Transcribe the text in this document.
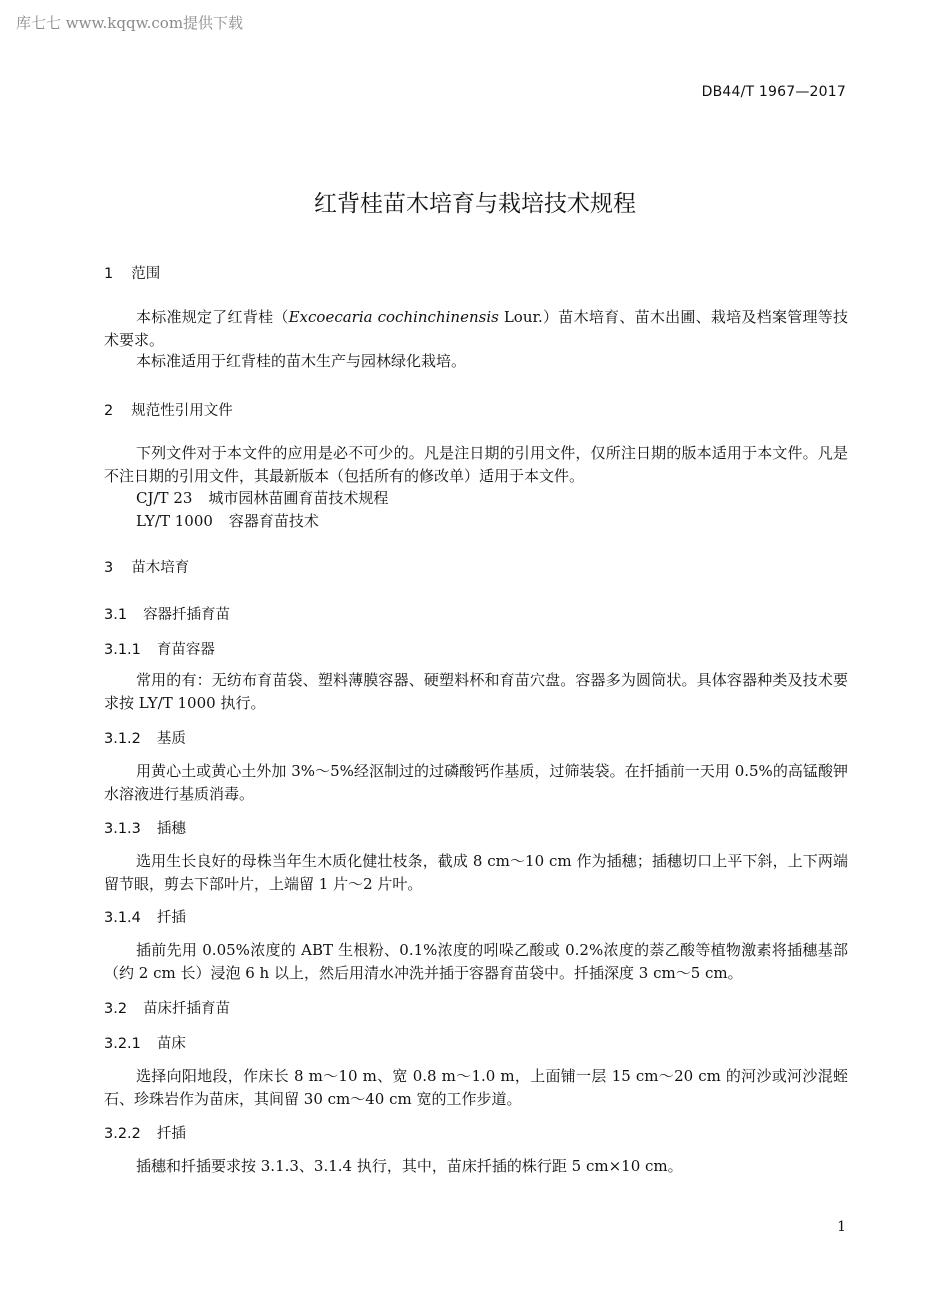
库七七 www.kqqw.com提供下载
DB44/T 1967—2017
红背桂苗木培育与栽培技术规程
1 范围
本标准规定了红背桂（Excoecaria cochinchinensis Lour.）苗木培育、苗木出圃、栽培及档案管理等技术要求。
本标准适用于红背桂的苗木生产与园林绿化栽培。
2 规范性引用文件
下列文件对于本文件的应用是必不可少的。凡是注日期的引用文件，仅所注日期的版本适用于本文件。凡是不注日期的引用文件，其最新版本（包括所有的修改单）适用于本文件。
CJ/T 23 城市园林苗圃育苗技术规程
LY/T 1000 容器育苗技术
3 苗木培育
3.1 容器扦插育苗
3.1.1 育苗容器
常用的有：无纺布育苗袋、塑料薄膜容器、硬塑料杯和育苗穴盘。容器多为圆筒状。具体容器种类及技术要求按 LY/T 1000 执行。
3.1.2 基质
用黄心土或黄心土外加 3%～5%经沤制过的过磷酸钙作基质，过筛装袋。在扦插前一天用 0.5%的高锰酸钾水溶液进行基质消毒。
3.1.3 插穗
选用生长良好的母株当年生木质化健壮枝条，截成 8 cm～10 cm 作为插穗；插穗切口上平下斜，上下两端留节眼，剪去下部叶片，上端留 1 片～2 片叶。
3.1.4 扦插
插前先用 0.05%浓度的 ABT 生根粉、0.1%浓度的吲哚乙酸或 0.2%浓度的萘乙酸等植物激素将插穗基部（约 2 cm 长）浸泡 6 h 以上，然后用清水冲洗并插于容器育苗袋中。扦插深度 3 cm～5 cm。
3.2 苗床扦插育苗
3.2.1 苗床
选择向阳地段，作床长 8 m～10 m、宽 0.8 m～1.0 m，上面铺一层 15 cm～20 cm 的河沙或河沙混蛭石、珍珠岩作为苗床，其间留 30 cm～40 cm 宽的工作步道。
3.2.2 扦插
插穗和扦插要求按 3.1.3、3.1.4 执行，其中，苗床扦插的株行距 5 cm×10 cm。
1
